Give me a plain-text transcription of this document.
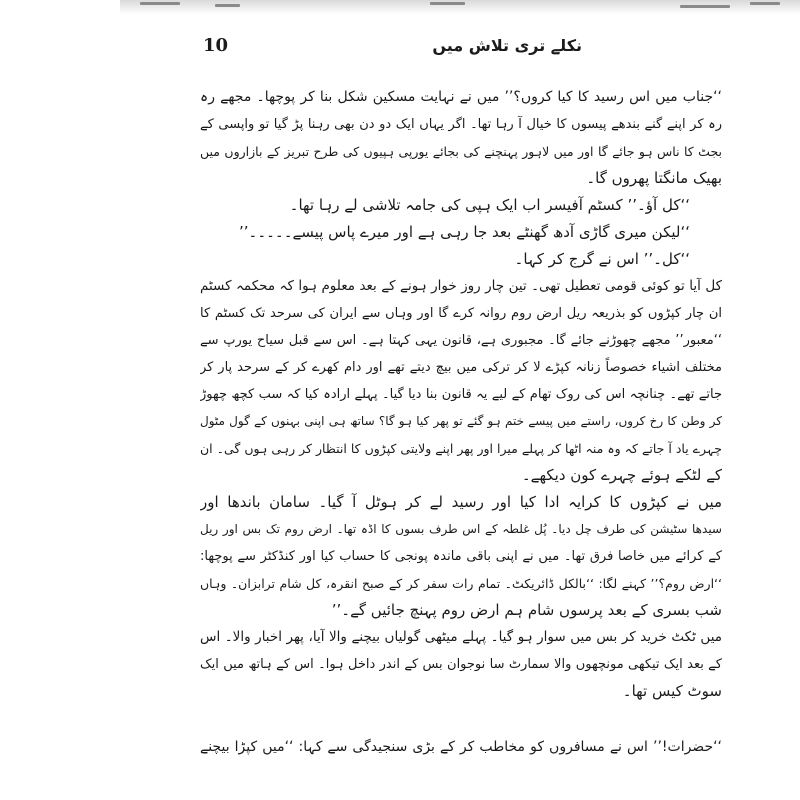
10	نکلے تری تلاش میں
‘‘جناب میں اس رسید کا کیا کروں؟’’ میں نے نہایت مسکین شکل بنا کر پوچھا۔ مجھے رہ
رہ کر اپنے گنے بندھے پیسوں کا خیال آ رہا تھا۔ اگر یہاں ایک دو دن بھی رہنا پڑ گیا تو واپسی کے
بجٹ کا ناس ہو جائے گا اور میں لاہور پہنچنے کی بجائے یورپی ہپیوں کی طرح تبریز کے بازاروں میں
بھیک مانگتا پھروں گا۔
‘‘کل آؤ۔’’ کسٹم آفیسر اب ایک ہپی کی جامہ تلاشی لے رہا تھا۔
‘‘لیکن میری گاڑی آدھ گھنٹے بعد جا رہی ہے اور میرے پاس پیسے۔۔۔۔۔’’
‘‘کل۔’’ اس نے گرج کر کہا۔
کل آیا تو کوئی قومی تعطیل تھی۔ تین چار روز خوار ہونے کے بعد معلوم ہوا کہ محکمہ کسٹم
ان چار کپڑوں کو بذریعہ ریل ارض روم روانہ کرے گا اور وہاں سے ایران کی سرحد تک کسٹم کا
‘‘معبور’’ مجھے چھوڑنے جائے گا۔ مجبوری ہے، قانون یہی کہتا ہے۔ اس سے قبل سیاح یورپ سے
مختلف اشیاء خصوصاً زنانہ کپڑے لا کر ترکی میں بیچ دیتے تھے اور دام کھرے کر کے سرحد پار کر
جاتے تھے۔ چنانچہ اس کی روک تھام کے لیے یہ قانون بنا دیا گیا۔ پہلے ارادہ کیا کہ سب کچھ چھوڑ
کر وطن کا رخ کروں، راستے میں پیسے ختم ہو گئے تو پھر کیا ہو گا؟ ساتھ ہی اپنی بہنوں کے گول مٹول
چہرے یاد آ جاتے کہ وہ منہ اٹھا کر پہلے میرا اور پھر اپنے ولایتی کپڑوں کا انتظار کر رہی ہوں گی۔ ان
کے لٹکے ہوئے چہرے کون دیکھے۔
میں نے کپڑوں کا کرایہ ادا کیا اور رسید لے کر ہوٹل آ گیا۔ سامان باندھا اور
سیدھا سٹیشن کی طرف چل دیا۔ پُل غلطہ کے اس طرف بسوں کا اڈہ تھا۔ ارض روم تک بس اور ریل
کے کرائے میں خاصا فرق تھا۔ میں نے اپنی باقی ماندہ پونجی کا حساب کیا اور کنڈکٹر سے پوچھا:
‘‘ارض روم؟’’ کہنے لگا: ‘‘بالکل ڈائریکٹ۔ تمام رات سفر کر کے صبح انقرہ، کل شام ترابزان۔ وہاں
شب بسری کے بعد پرسوں شام ہم ارض روم پہنچ جائیں گے۔’’
میں ٹکٹ خرید کر بس میں سوار ہو گیا۔ پہلے میٹھی گولیاں بیچنے والا آیا، پھر اخبار والا۔ اس
کے بعد ایک تیکھی مونچھوں والا سمارٹ سا نوجوان بس کے اندر داخل ہوا۔ اس کے ہاتھ میں ایک
سوٹ کیس تھا۔
‘‘حضرات!’’ اس نے مسافروں کو مخاطب کر کے بڑی سنجیدگی سے کہا: ‘‘میں کپڑا بیچنے
